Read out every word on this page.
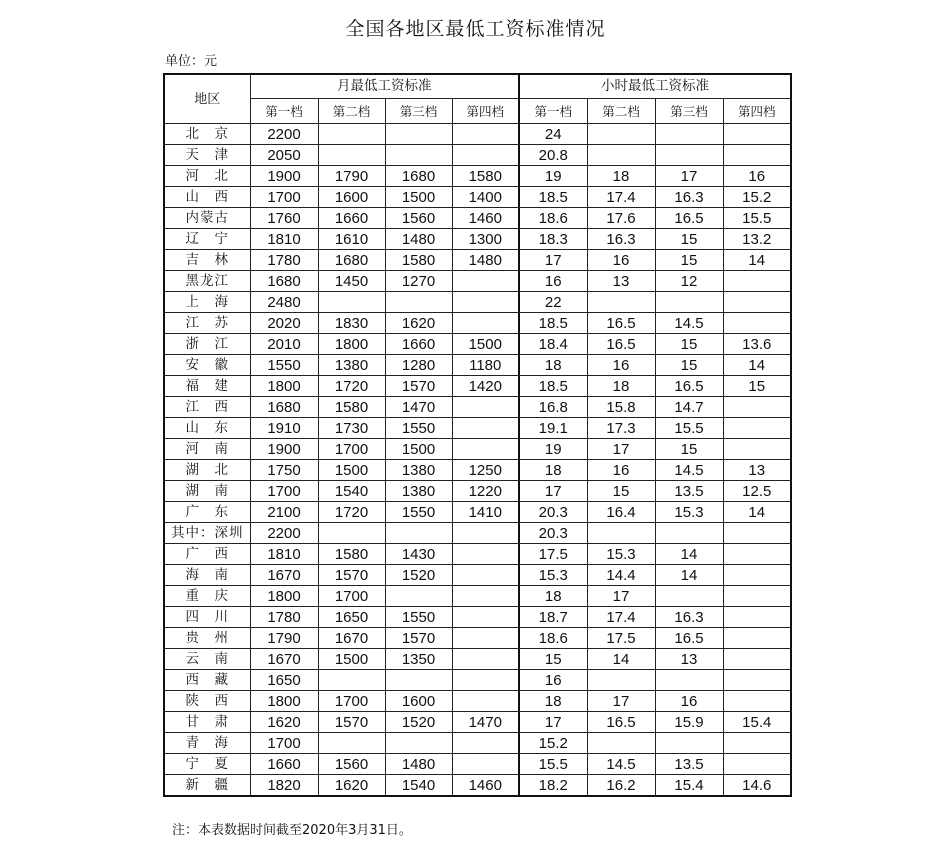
全国各地区最低工资标准情况
单位：元
地区	月最低工资标准				小时最低工资标准			
	第一档	第二档	第三档	第四档	第一档	第二档	第三档	第四档
北　京	2200				24			
天　津	2050				20.8			
河　北	1900	1790	1680	1580	19	18	17	16
山　西	1700	1600	1500	1400	18.5	17.4	16.3	15.2
内蒙古	1760	1660	1560	1460	18.6	17.6	16.5	15.5
辽　宁	1810	1610	1480	1300	18.3	16.3	15	13.2
吉　林	1780	1680	1580	1480	17	16	15	14
黑龙江	1680	1450	1270		16	13	12	
上　海	2480				22			
江　苏	2020	1830	1620		18.5	16.5	14.5	
浙　江	2010	1800	1660	1500	18.4	16.5	15	13.6
安　徽	1550	1380	1280	1180	18	16	15	14
福　建	1800	1720	1570	1420	18.5	18	16.5	15
江　西	1680	1580	1470		16.8	15.8	14.7	
山　东	1910	1730	1550		19.1	17.3	15.5	
河　南	1900	1700	1500		19	17	15	
湖　北	1750	1500	1380	1250	18	16	14.5	13
湖　南	1700	1540	1380	1220	17	15	13.5	12.5
广　东	2100	1720	1550	1410	20.3	16.4	15.3	14
其中：深圳	2200				20.3			
广　西	1810	1580	1430		17.5	15.3	14	
海　南	1670	1570	1520		15.3	14.4	14	
重　庆	1800	1700			18	17		
四　川	1780	1650	1550		18.7	17.4	16.3	
贵　州	1790	1670	1570		18.6	17.5	16.5	
云　南	1670	1500	1350		15	14	13	
西　藏	1650				16			
陕　西	1800	1700	1600		18	17	16	
甘　肃	1620	1570	1520	1470	17	16.5	15.9	15.4
青　海	1700				15.2			
宁　夏	1660	1560	1480		15.5	14.5	13.5	
新　疆	1820	1620	1540	1460	18.2	16.2	15.4	14.6
注：本表数据时间截至2020年3月31日。
